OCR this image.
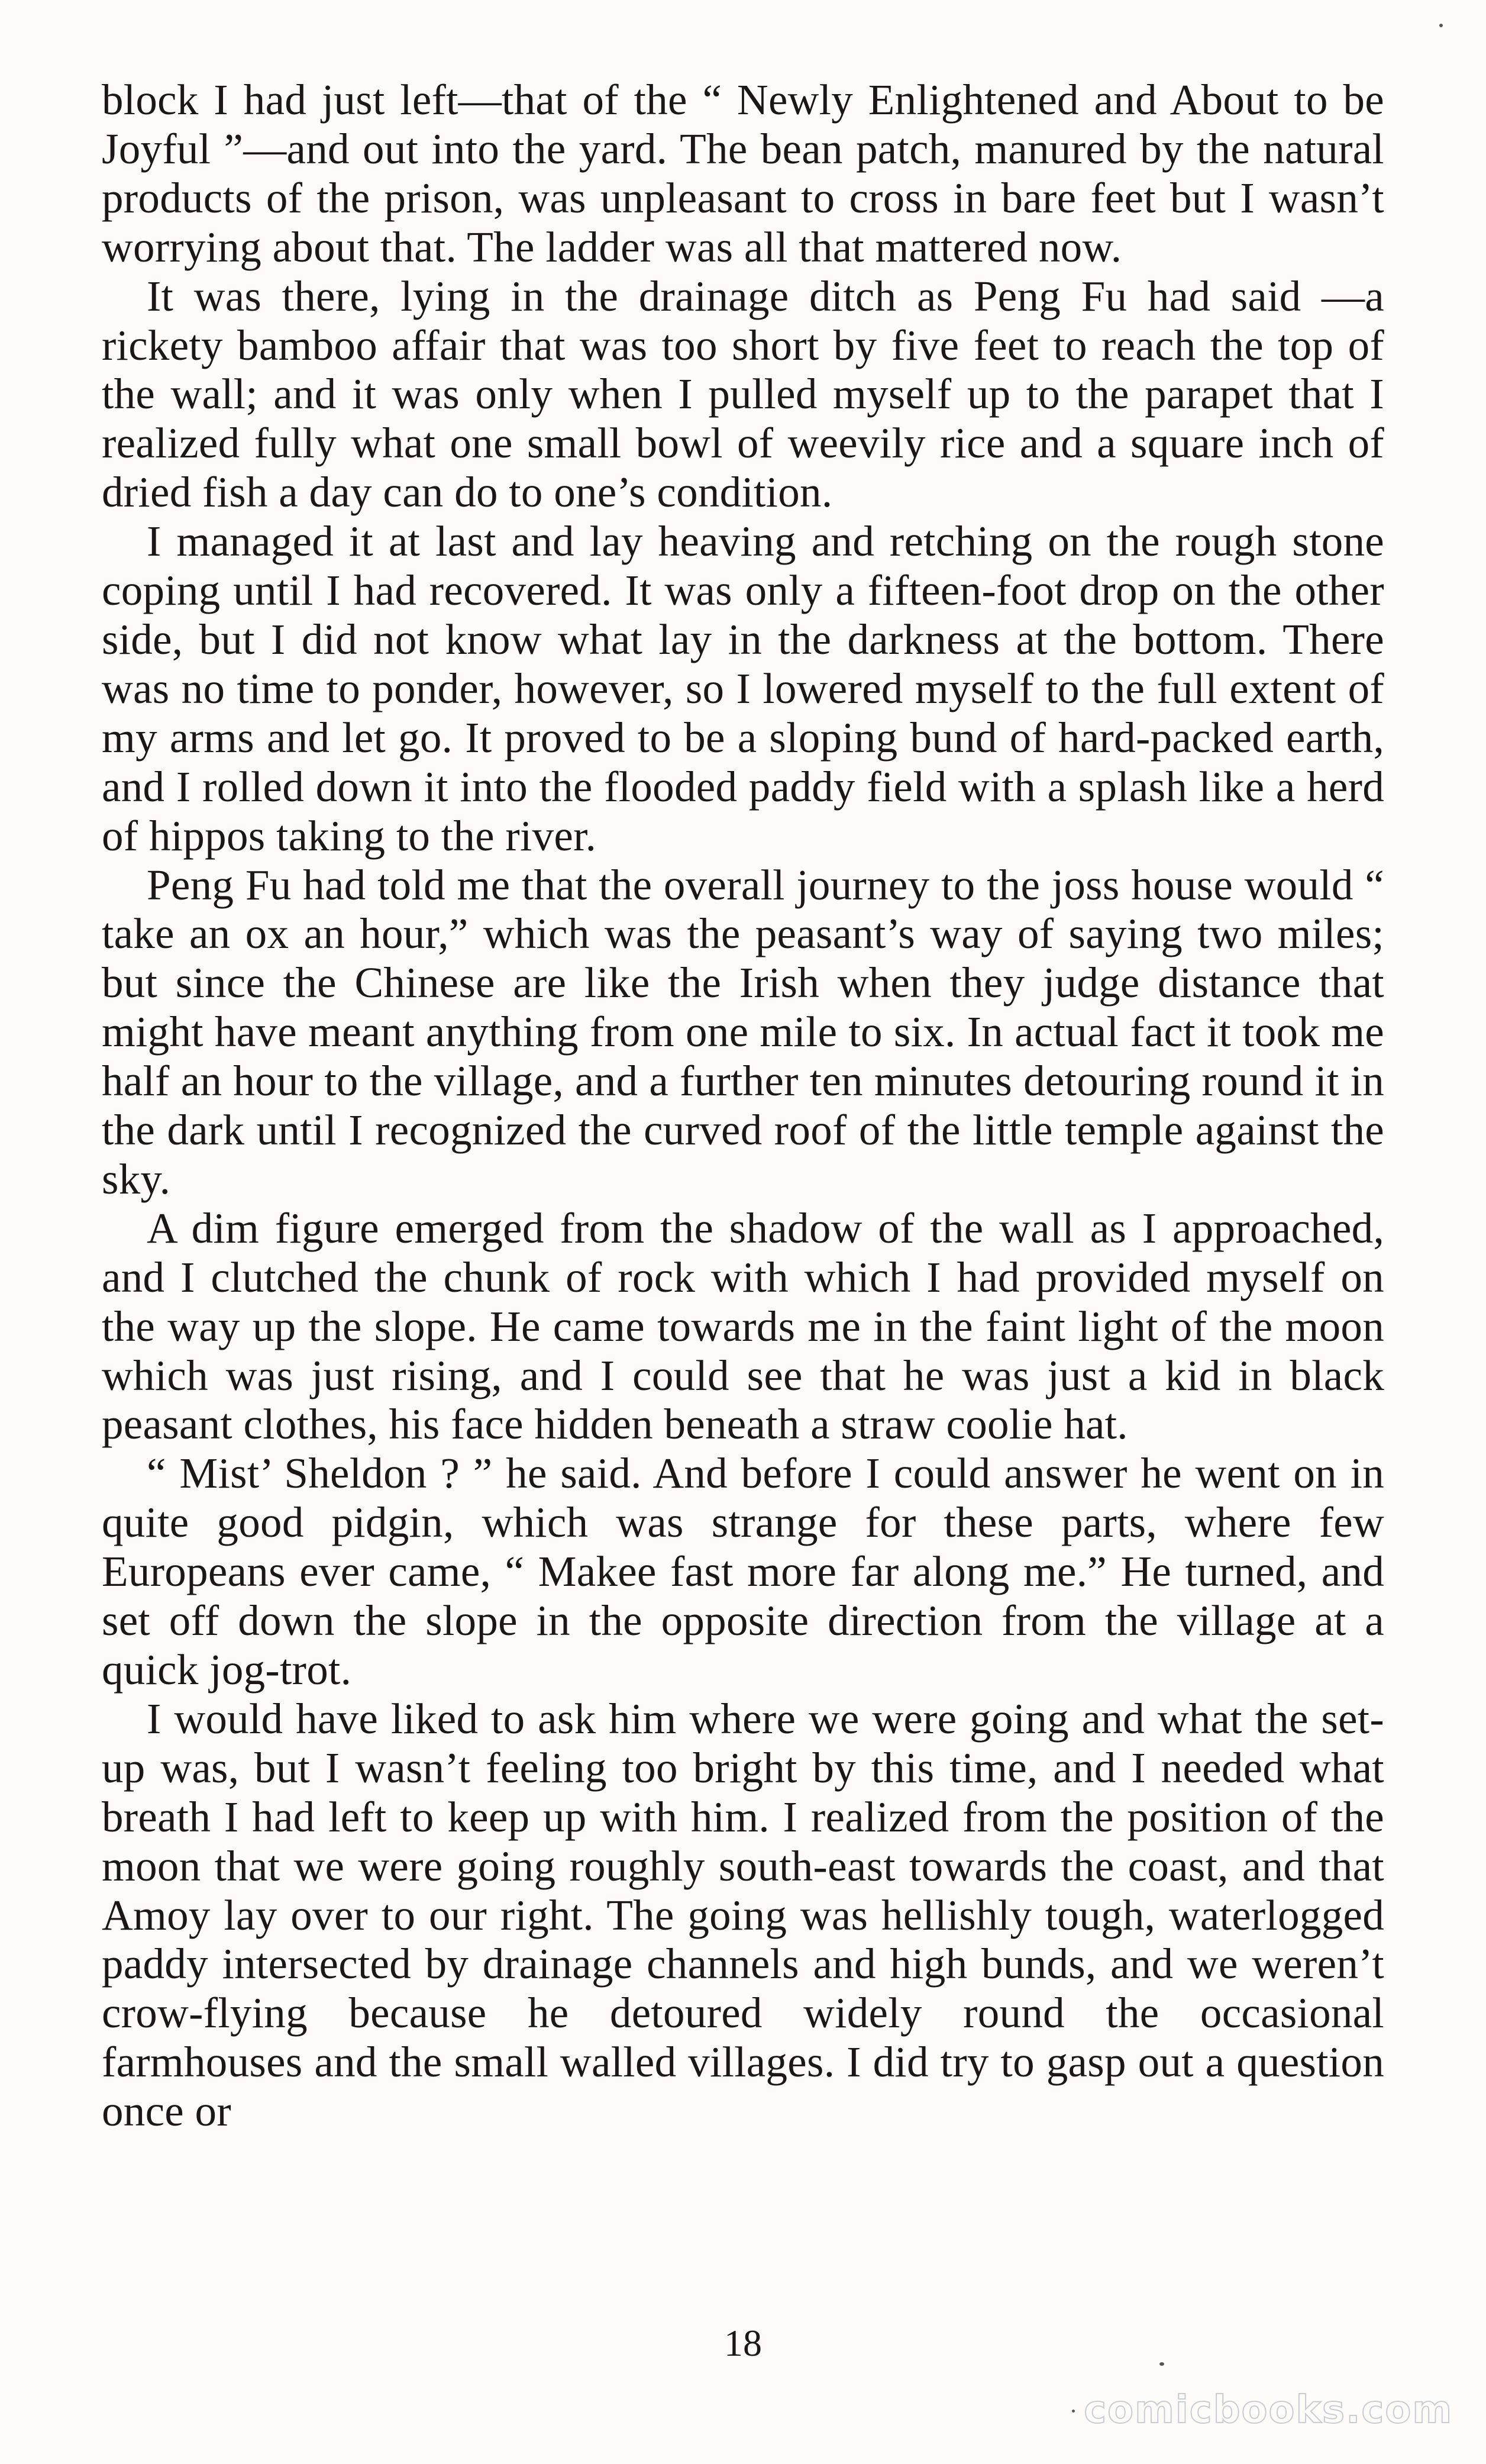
block I had just left—that of the “ Newly Enlightened and About to be Joyful ”—and out into the yard. The bean patch, manured by the natural products of the prison, was unpleasant to cross in bare feet but I wasn’t worrying about that. The ladder was all that mattered now.

It was there, lying in the drainage ditch as Peng Fu had said —a rickety bamboo affair that was too short by five feet to reach the top of the wall; and it was only when I pulled myself up to the parapet that I realized fully what one small bowl of weevily rice and a square inch of dried fish a day can do to one’s condition.

I managed it at last and lay heaving and retching on the rough stone coping until I had recovered. It was only a fifteen-foot drop on the other side, but I did not know what lay in the darkness at the bottom. There was no time to ponder, however, so I lowered myself to the full extent of my arms and let go. It proved to be a sloping bund of hard-packed earth, and I rolled down it into the flooded paddy field with a splash like a herd of hippos taking to the river.

Peng Fu had told me that the overall journey to the joss house would “ take an ox an hour,” which was the peasant’s way of saying two miles; but since the Chinese are like the Irish when they judge distance that might have meant anything from one mile to six. In actual fact it took me half an hour to the village, and a further ten minutes detouring round it in the dark until I recognized the curved roof of the little temple against the sky.

A dim figure emerged from the shadow of the wall as I approached, and I clutched the chunk of rock with which I had provided myself on the way up the slope. He came towards me in the faint light of the moon which was just rising, and I could see that he was just a kid in black peasant clothes, his face hidden beneath a straw coolie hat.

“ Mist’ Sheldon ? ” he said. And before I could answer he went on in quite good pidgin, which was strange for these parts, where few Europeans ever came, “ Makee fast more far along me.” He turned, and set off down the slope in the opposite direction from the village at a quick jog-trot.

I would have liked to ask him where we were going and what the set-up was, but I wasn’t feeling too bright by this time, and I needed what breath I had left to keep up with him. I realized from the position of the moon that we were going roughly south-east towards the coast, and that Amoy lay over to our right. The going was hellishly tough, waterlogged paddy intersected by drainage channels and high bunds, and we weren’t crow-flying because he detoured widely round the occasional farmhouses and the small walled villages. I did try to gasp out a question once or

18
comicbooks.com
